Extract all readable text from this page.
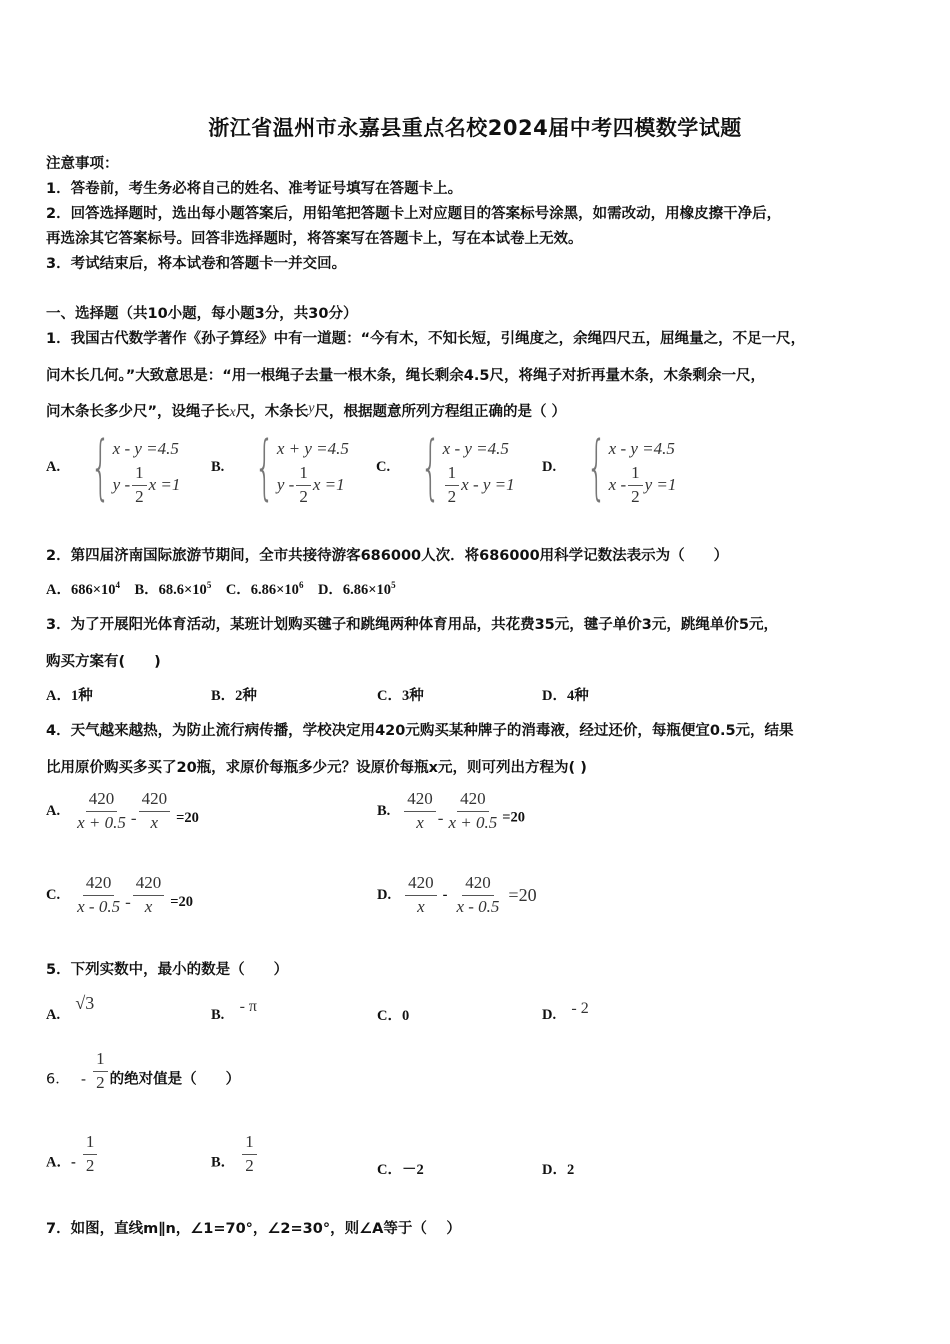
浙江省温州市永嘉县重点名校2024届中考四模数学试题
注意事项：
1．答卷前，考生务必将自己的姓名、准考证号填写在答题卡上。
2．回答选择题时，选出每小题答案后，用铅笔把答题卡上对应题目的答案标号涂黑，如需改动，用橡皮擦干净后，
再选涂其它答案标号。回答非选择题时，将答案写在答题卡上，写在本试卷上无效。
3．考试结束后，将本试卷和答题卡一并交回。
一、选择题（共10小题，每小题3分，共30分）
1．我国古代数学著作《孙子算经》中有一道题：“今有木，不知长短，引绳度之，余绳四尺五，屈绳量之，不足一尺，
问木长几何。”大致意思是：“用一根绳子去量一根木条，绳长剩余4.5尺，将绳子对折再量木条，木条剩余一尺，
问木条长多少尺”，设绳子长x尺，木条长y尺，根据题意所列方程组正确的是（ ）
A. { x - y =4.5
y - $\frac{1}{2}$ x =1
B. { x + y =4.5
y - $\frac{1}{2}$ x =1
C. { x - y =4.5
$\frac{1}{2}$ x - y =1
D. { x - y =4.5
x - $\frac{1}{2}$ y =1
2．第四届济南国际旅游节期间，全市共接待游客686000人次．将686000用科学记数法表示为（　　）
A．$686\times 10^4$ B．$68.6\times 10^5$ C．$6.86\times 10^6$ D．$6.86\times 10^5$
3．为了开展阳光体育活动，某班计划购买毽子和跳绳两种体育用品，共花费35元，毽子单价3元，跳绳单价5元，
购买方案有(　　)
A．1种	B．2种	C．3种	D．4种
4．天气越来越热，为防止流行病传播，学校决定用420元购买某种牌子的消毒液，经过还价，每瓶便宜0.5元，结果
比用原价购买多买了20瓶，求原价每瓶多少元？设原价每瓶x元，则可列出方程为( )
A. $\frac{420}{x + 0.5} - \frac{420}{x} =20$	B. $\frac{420}{x} - \frac{420}{x + 0.5} =20$
C. $\frac{420}{x - 0.5} - \frac{420}{x} =20$	D. $\frac{420}{x} - \frac{420}{x - 0.5} =20$
5．下列实数中，最小的数是（　　）
A.   √3
B. - π
C．0	D. - 2
6． - $\frac{1}{2}$ 的绝对值是（　　）
A．- $\frac{1}{2}$	B． $\frac{1}{2}$	C．－2	D．2
7．如图，直线m∥n，∠1=70°，∠2=30°，则∠A等于（　 ）
